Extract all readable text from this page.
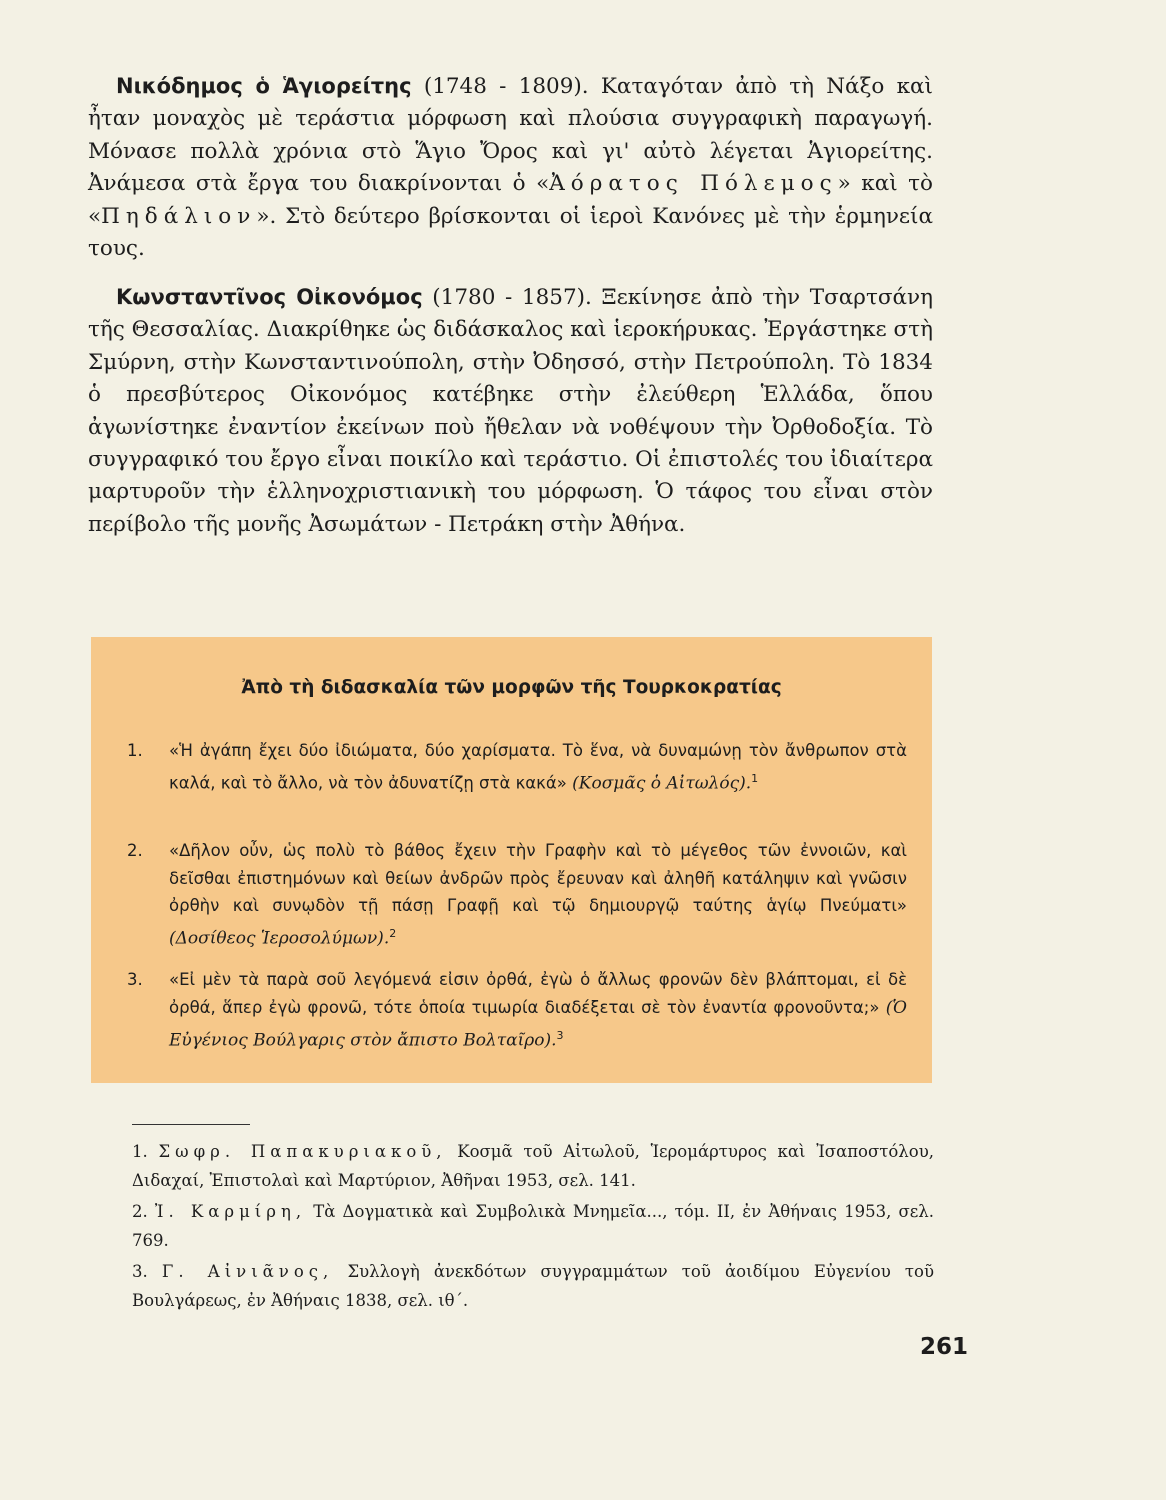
Νικόδημος ὁ Ἁγιορείτης (1748 - 1809). Καταγόταν ἀπὸ τὴ Νάξο καὶ ἦταν μοναχὸς μὲ τεράστια μόρφωση καὶ πλούσια συγγραφικὴ παραγωγή. Μόνασε πολλὰ χρόνια στὸ Ἅγιο Ὄρος καὶ γι' αὐτὸ λέγεται Ἁγιορείτης. Ἀνάμεσα στὰ ἔργα του διακρίνονται ὁ «Ἀόρατος Πόλεμος» καὶ τὸ «Πηδάλιον». Στὸ δεύτερο βρίσκονται οἱ ἱεροὶ Κανόνες μὲ τὴν ἑρμηνεία τους.

Κωνσταντῖνος Οἰκονόμος (1780 - 1857). Ξεκίνησε ἀπὸ τὴν Τσαρτσάνη τῆς Θεσσαλίας. Διακρίθηκε ὡς διδάσκαλος καὶ ἱεροκήρυκας. Ἐργάστηκε στὴ Σμύρνη, στὴν Κωνσταντινούπολη, στὴν Ὀδησσό, στὴν Πετρούπολη. Τὸ 1834 ὁ πρεσβύτερος Οἰκονόμος κατέβηκε στὴν ἐλεύθερη Ἑλλάδα, ὅπου ἀγωνίστηκε ἐναντίον ἐκείνων ποὺ ἤθελαν νὰ νοθέψουν τὴν Ὀρθοδοξία. Τὸ συγγραφικό του ἔργο εἶναι ποικίλο καὶ τεράστιο. Οἱ ἐπιστολές του ἰδιαίτερα μαρτυροῦν τὴν ἑλληνοχριστιανικὴ του μόρφωση. Ὁ τάφος του εἶναι στὸν περίβολο τῆς μονῆς Ἀσωμάτων - Πετράκη στὴν Ἀθήνα.

Ἀπὸ τὴ διδασκαλία τῶν μορφῶν τῆς Τουρκοκρατίας
1. «Ἡ ἀγάπη ἔχει δύο ἰδιώματα, δύο χαρίσματα. Τὸ ἕνα, νὰ δυναμώνῃ τὸν ἄνθρωπον στὰ καλά, καὶ τὸ ἄλλο, νὰ τὸν ἀδυνατίζῃ στὰ κακά» (Κοσμᾶς ὁ Αἰτωλός).$^1$
2. «Δῆλον οὖν, ὡς πολὺ τὸ βάθος ἔχειν τὴν Γραφὴν καὶ τὸ μέγεθος τῶν ἐννοιῶν, καὶ δεῖσθαι ἐπιστημόνων καὶ θείων ἀνδρῶν πρὸς ἔρευναν καὶ ἀληθῆ κατάληψιν καὶ γνῶσιν ὀρθὴν καὶ συνῳδὸν τῇ πάσῃ Γραφῇ καὶ τῷ δημιουργῷ ταύτης ἁγίῳ Πνεύματι» (Δοσίθεος Ἱεροσολύμων).$^2$
3. «Εἰ μὲν τὰ παρὰ σοῦ λεγόμενά εἰσιν ὀρθά, ἐγὼ ὁ ἄλλως φρονῶν δὲν βλάπτομαι, εἰ δὲ ὀρθά, ἅπερ ἐγὼ φρονῶ, τότε ὁποία τιμωρία διαδέξεται σὲ τὸν ἐναντία φρονοῦντα;» (Ὁ Εὐγένιος Βούλγαρις στὸν ἄπιστο Βολταῖρο).$^3$

1. Σωφρ. Παπακυριακοῦ, Κοσμᾶ τοῦ Αἰτωλοῦ, Ἱερομάρτυρος καὶ Ἰσαποστόλου, Διδαχαί, Ἐπιστολαὶ καὶ Μαρτύριον, Ἀθῆναι 1953, σελ. 141.

2. Ἰ. Καρμίρη, Τὰ Δογματικὰ καὶ Συμβολικὰ Μνημεῖα..., τόμ. ΙΙ, ἐν Ἀθήναις 1953, σελ. 769.

3. Γ. Αἰνιᾶνος, Συλλογὴ ἀνεκδότων συγγραμμάτων τοῦ ἀοιδίμου Εὐγενίου τοῦ Βουλγάρεως, ἐν Ἀθήναις 1838, σελ. ιθ΄.

261
